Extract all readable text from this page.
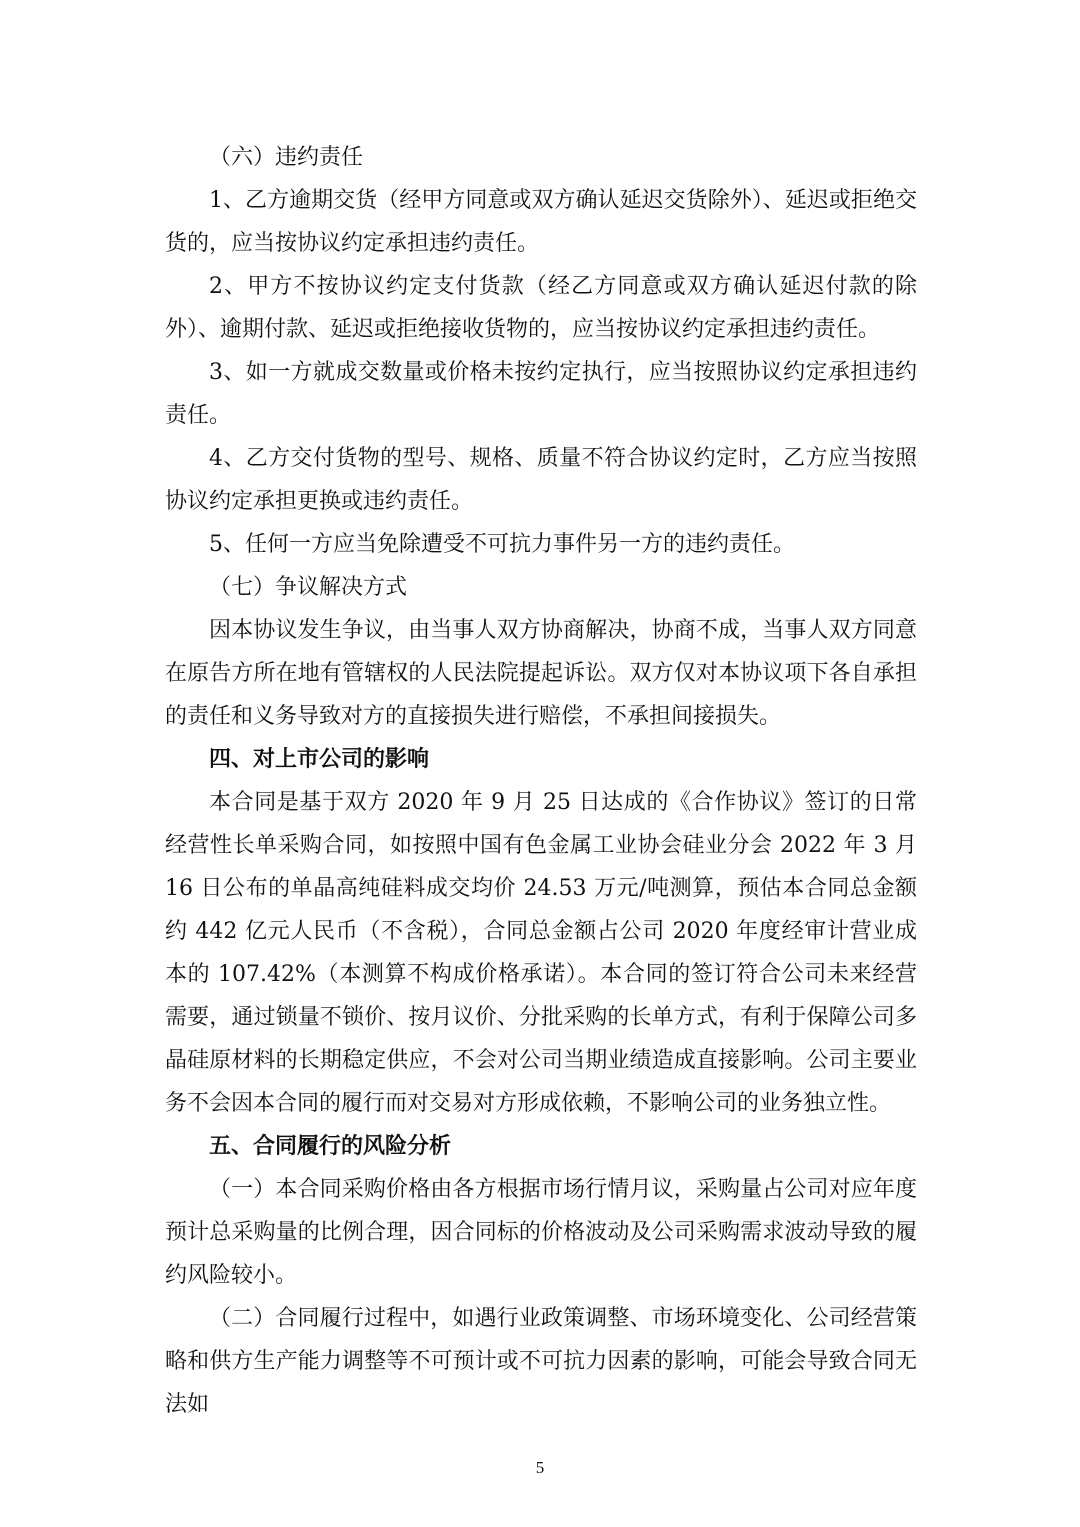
（六）违约责任

1、乙方逾期交货（经甲方同意或双方确认延迟交货除外）、延迟或拒绝交货的，应当按协议约定承担违约责任。

2、甲方不按协议约定支付货款（经乙方同意或双方确认延迟付款的除外）、逾期付款、延迟或拒绝接收货物的，应当按协议约定承担违约责任。

3、如一方就成交数量或价格未按约定执行，应当按照协议约定承担违约责任。

4、乙方交付货物的型号、规格、质量不符合协议约定时，乙方应当按照协议约定承担更换或违约责任。

5、任何一方应当免除遭受不可抗力事件另一方的违约责任。

（七）争议解决方式

因本协议发生争议，由当事人双方协商解决，协商不成，当事人双方同意在原告方所在地有管辖权的人民法院提起诉讼。双方仅对本协议项下各自承担的责任和义务导致对方的直接损失进行赔偿，不承担间接损失。

四、对上市公司的影响

本合同是基于双方 2020 年 9 月 25 日达成的《合作协议》签订的日常经营性长单采购合同，如按照中国有色金属工业协会硅业分会 2022 年 3 月 16 日公布的单晶高纯硅料成交均价 24.53 万元/吨测算，预估本合同总金额约 442 亿元人民币（不含税），合同总金额占公司 2020 年度经审计营业成本的 107.42%（本测算不构成价格承诺）。本合同的签订符合公司未来经营需要，通过锁量不锁价、按月议价、分批采购的长单方式，有利于保障公司多晶硅原材料的长期稳定供应，不会对公司当期业绩造成直接影响。公司主要业务不会因本合同的履行而对交易对方形成依赖，不影响公司的业务独立性。

五、合同履行的风险分析

（一）本合同采购价格由各方根据市场行情月议，采购量占公司对应年度预计总采购量的比例合理，因合同标的价格波动及公司采购需求波动导致的履约风险较小。

（二）合同履行过程中，如遇行业政策调整、市场环境变化、公司经营策略和供方生产能力调整等不可预计或不可抗力因素的影响，可能会导致合同无法如

5
